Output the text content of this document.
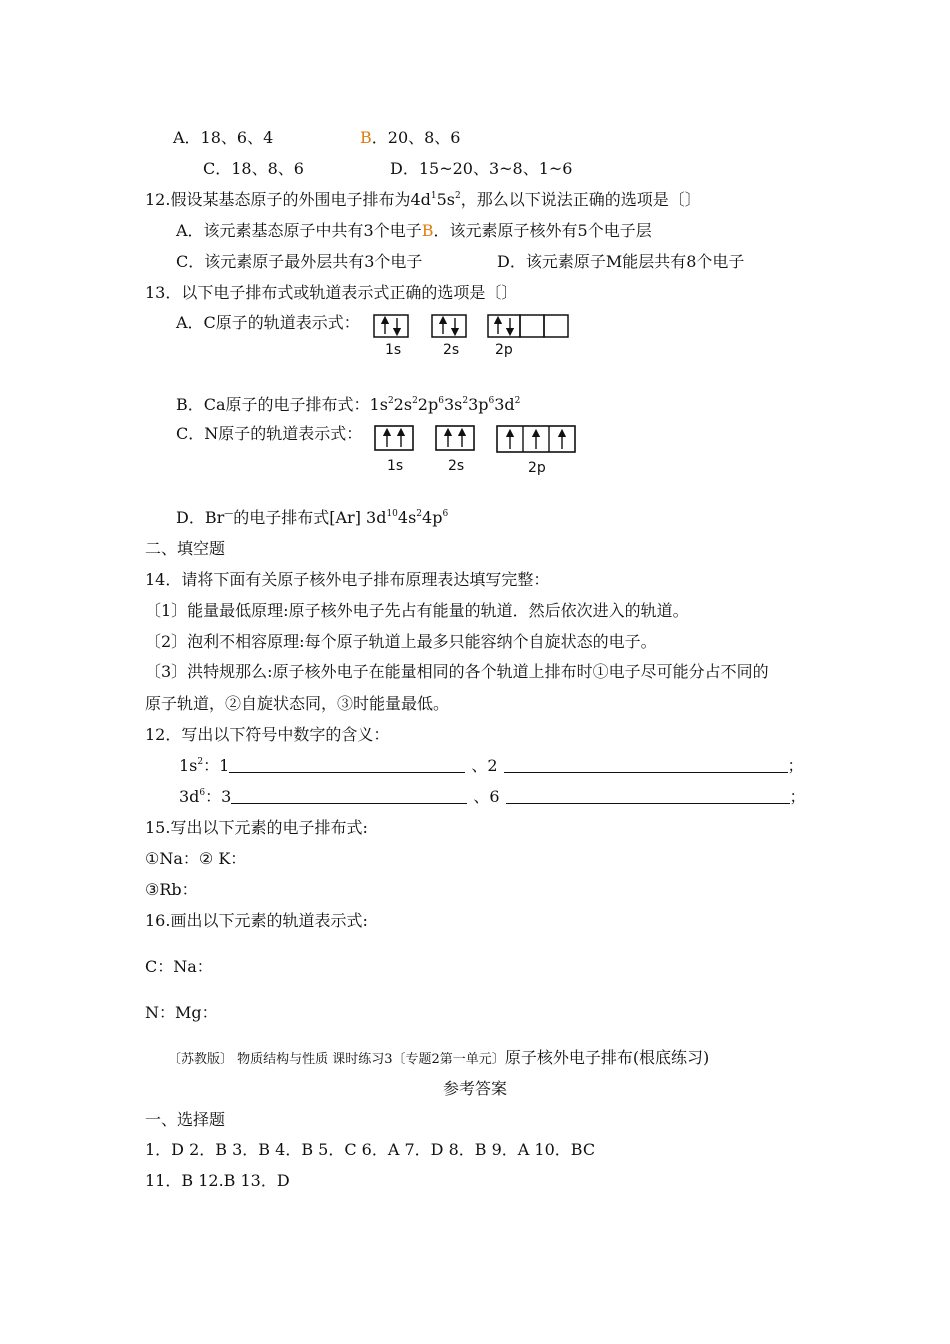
A．18、6、4	B．20、8、6
C．18、8、6	D．15~20、3~8、1~6
12.假设某基态原子的外围电子排布为$4d^15s^2$，那么以下说法正确的选项是〔〕
A．该元素基态原子中共有3个电子B．该元素原子核外有5个电子层
C．该元素原子最外层共有3个电子	D．该元素原子M能层共有8个电子
13．以下电子排布式或轨道表示式正确的选项是〔〕
A．C原子的轨道表示式：
1s	2s	2p
B．Ca原子的电子排布式：$1s^22s^22p^63s^23p^63d^2$
C．N原子的轨道表示式：
1s	2s	2p
D．Br—的电子排布式[Ar] $3d^{10}4s^24p^6$
二、填空题
14．请将下面有关原子核外电子排布原理表达填写完整：
〔1〕能量最低原理:原子核外电子先占有能量的轨道．然后依次进入的轨道。
〔2〕泡利不相容原理:每个原子轨道上最多只能容纳个自旋状态的电子。
〔3〕洪特规那么:原子核外电子在能量相同的各个轨道上排布时①电子尽可能分占不同的
原子轨道，②自旋状态同，③时能量最低。
12．写出以下符号中数字的含义：
$1s^2$：1	、2	；
$3d^6$：3	、6	；
15.写出以下元素的电子排布式:
①Na：② K：
③Rb：
16.画出以下元素的轨道表示式:
C：Na：
N：Mg：
〔苏教版〕 物质结构与性质 课时练习3〔专题2第一单元〕原子核外电子排布(根底练习)
参考答案
一、选择题
1．D 2．B 3．B 4．B 5．C 6．A 7．D 8．B 9．A 10．BC
11．B 12.B 13．D
